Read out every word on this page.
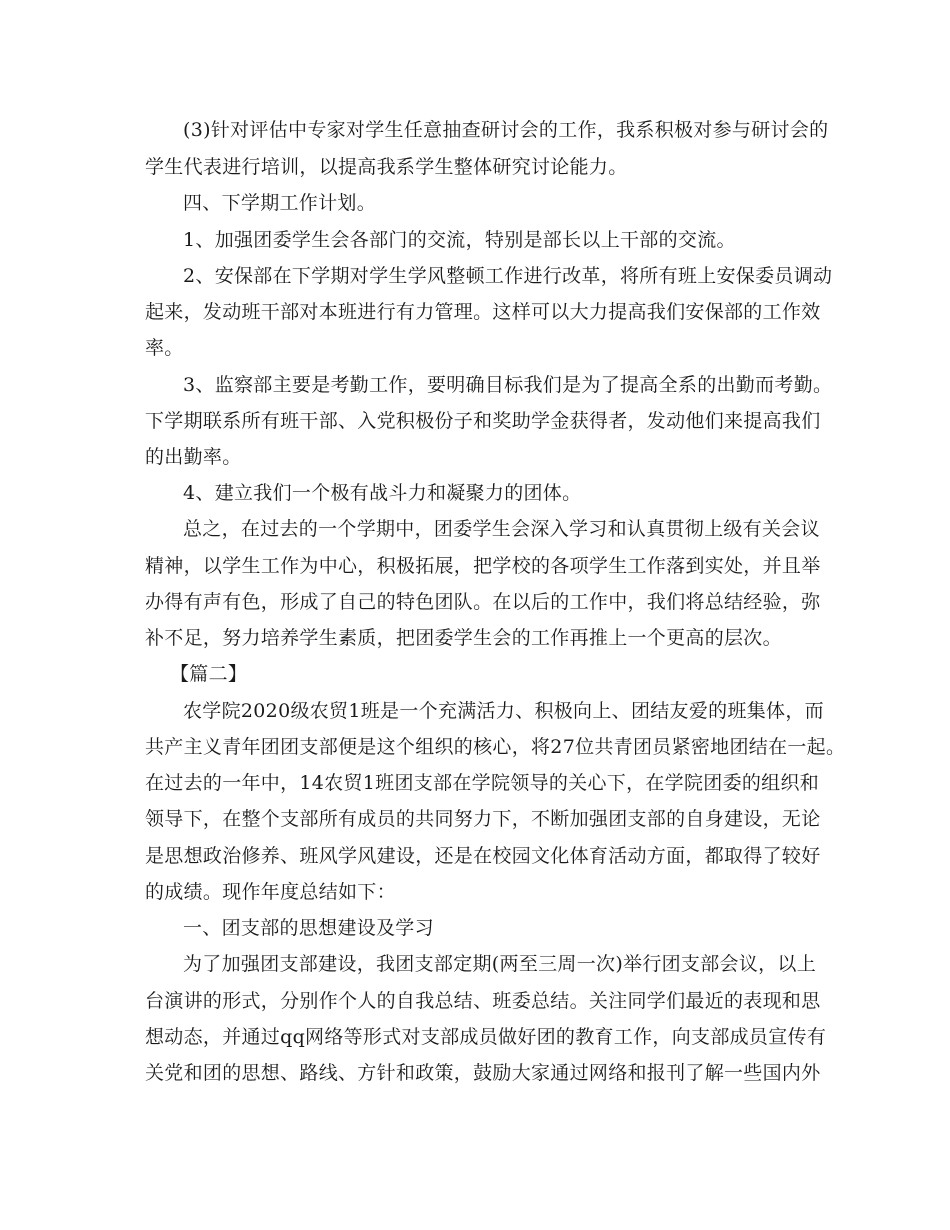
(3)针对评估中专家对学生任意抽查研讨会的工作，我系积极对参与研讨会的
学生代表进行培训，以提高我系学生整体研究讨论能力。
四、下学期工作计划。
1、加强团委学生会各部门的交流，特别是部长以上干部的交流。
2、安保部在下学期对学生学风整顿工作进行改革，将所有班上安保委员调动
起来，发动班干部对本班进行有力管理。这样可以大力提高我们安保部的工作效
率。
3、监察部主要是考勤工作，要明确目标我们是为了提高全系的出勤而考勤。
下学期联系所有班干部、入党积极份子和奖助学金获得者，发动他们来提高我们
的出勤率。
4、建立我们一个极有战斗力和凝聚力的团体。
总之，在过去的一个学期中，团委学生会深入学习和认真贯彻上级有关会议
精神，以学生工作为中心，积极拓展，把学校的各项学生工作落到实处，并且举
办得有声有色，形成了自己的特色团队。在以后的工作中，我们将总结经验，弥
补不足，努力培养学生素质，把团委学生会的工作再推上一个更高的层次。
【篇二】
农学院2020级农贸1班是一个充满活力、积极向上、团结友爱的班集体，而
共产主义青年团团支部便是这个组织的核心，将27位共青团员紧密地团结在一起。
在过去的一年中，14农贸1班团支部在学院领导的关心下，在学院团委的组织和
领导下，在整个支部所有成员的共同努力下，不断加强团支部的自身建设，无论
是思想政治修养、班风学风建设，还是在校园文化体育活动方面，都取得了较好
的成绩。现作年度总结如下：
一、团支部的思想建设及学习
为了加强团支部建设，我团支部定期(两至三周一次)举行团支部会议，以上
台演讲的形式，分别作个人的自我总结、班委总结。关注同学们最近的表现和思
想动态，并通过qq网络等形式对支部成员做好团的教育工作，向支部成员宣传有
关党和团的思想、路线、方针和政策，鼓励大家通过网络和报刊了解一些国内外
